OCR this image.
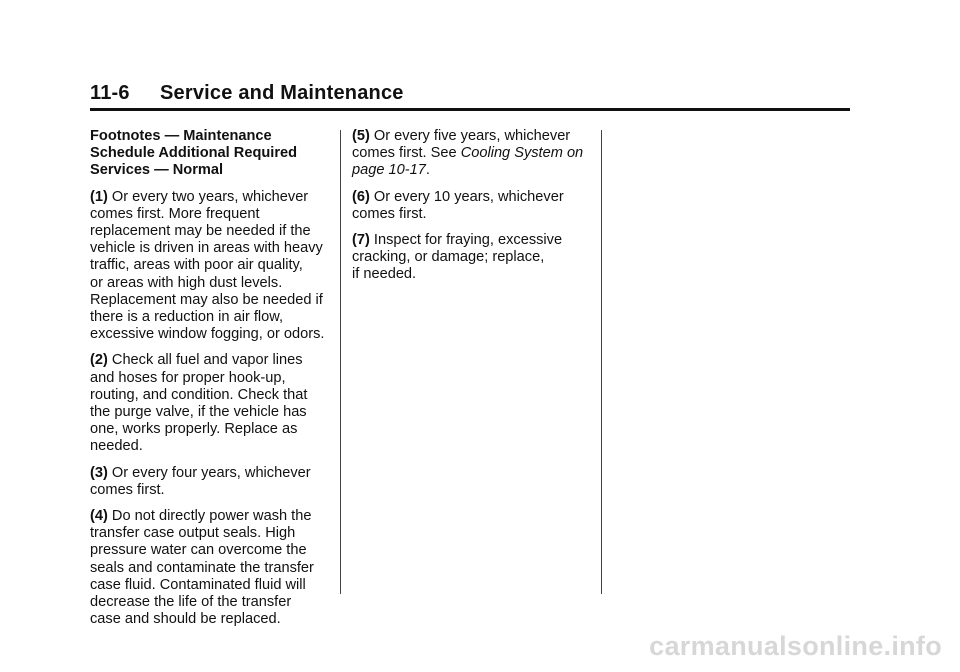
11-6 Service and Maintenance
Footnotes — Maintenance
Schedule Additional Required
Services — Normal
(1) Or every two years, whichever
comes first. More frequent
replacement may be needed if the
vehicle is driven in areas with heavy
traffic, areas with poor air quality,
or areas with high dust levels.
Replacement may also be needed if
there is a reduction in air flow,
excessive window fogging, or odors.
(2) Check all fuel and vapor lines
and hoses for proper hook-up,
routing, and condition. Check that
the purge valve, if the vehicle has
one, works properly. Replace as
needed.
(3) Or every four years, whichever
comes first.
(4) Do not directly power wash the
transfer case output seals. High
pressure water can overcome the
seals and contaminate the transfer
case fluid. Contaminated fluid will
decrease the life of the transfer
case and should be replaced.
(5) Or every five years, whichever
comes first. See Cooling System on
page 10-17.
(6) Or every 10 years, whichever
comes first.
(7) Inspect for fraying, excessive
cracking, or damage; replace,
if needed.
carmanualsonline.info
